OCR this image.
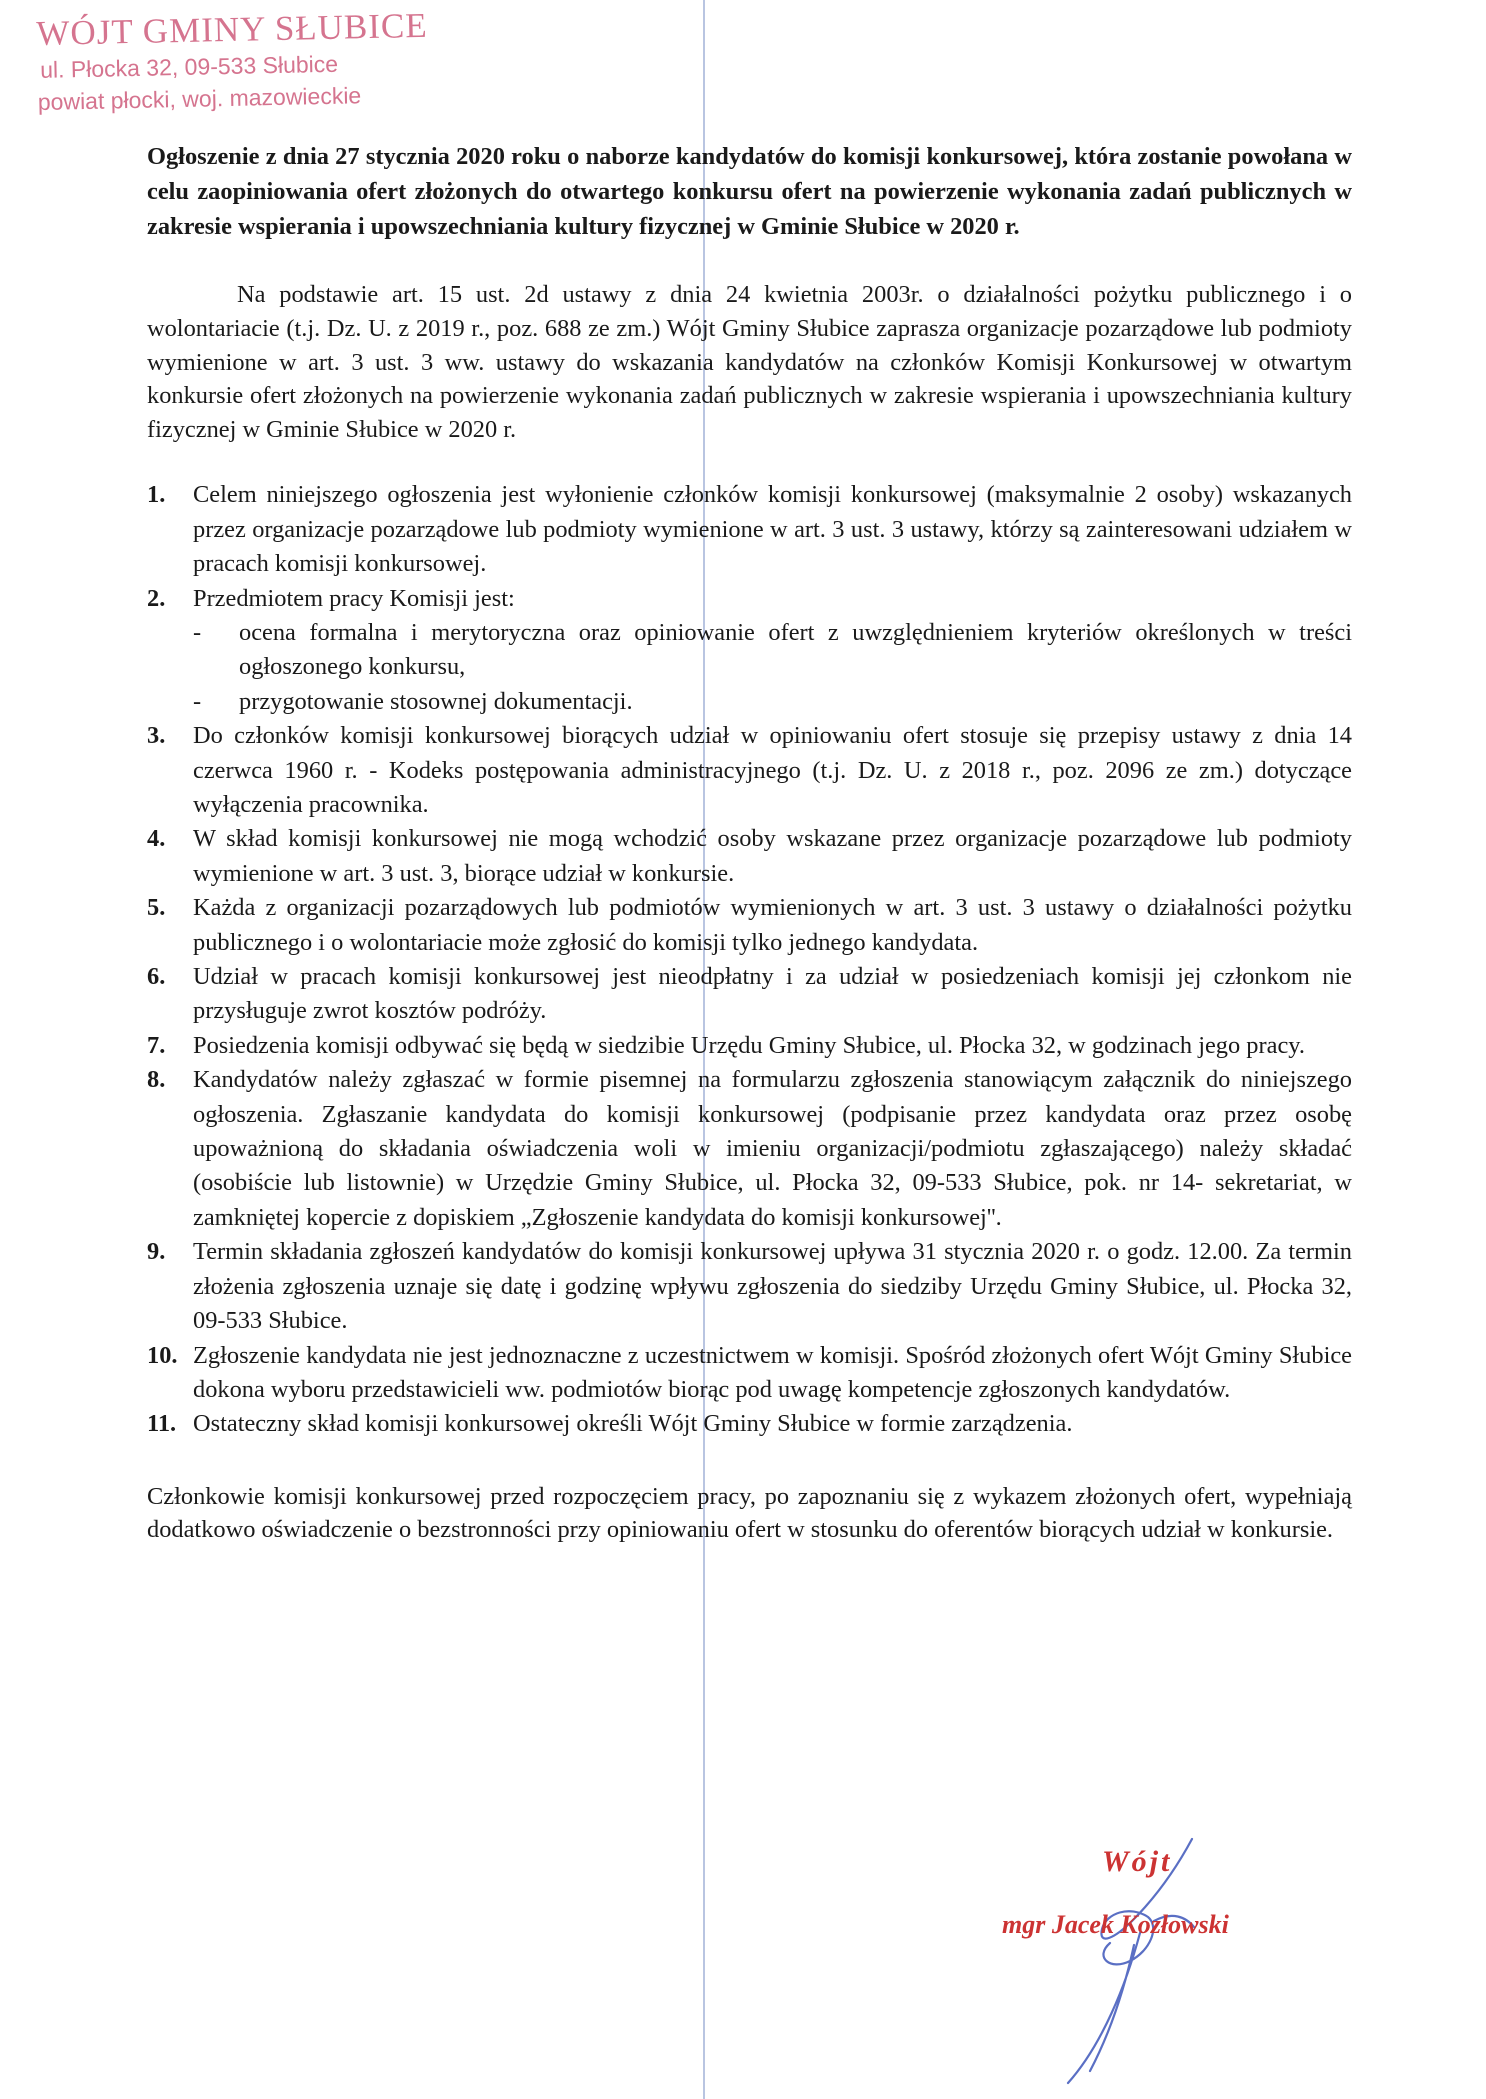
WÓJT GMINY SŁUBICE
ul. Płocka 32, 09-533 Słubice
powiat płocki, woj. mazowieckie

Ogłoszenie z dnia 27 stycznia 2020 roku o naborze kandydatów do komisji konkursowej, która zostanie powołana w celu zaopiniowania ofert złożonych do otwartego konkursu ofert na powierzenie wykonania zadań publicznych w zakresie wspierania i upowszechniania kultury fizycznej w Gminie Słubice w 2020 r.

Na podstawie art. 15 ust. 2d ustawy z dnia 24 kwietnia 2003r. o działalności pożytku publicznego i o wolontariacie (t.j. Dz. U. z 2019 r., poz. 688 ze zm.) Wójt Gminy Słubice zaprasza organizacje pozarządowe lub podmioty wymienione w art. 3 ust. 3 ww. ustawy do wskazania kandydatów na członków Komisji Konkursowej w otwartym konkursie ofert złożonych na powierzenie wykonania zadań publicznych w zakresie wspierania i upowszechniania kultury fizycznej w Gminie Słubice w 2020 r.

1. Celem niniejszego ogłoszenia jest wyłonienie członków komisji konkursowej (maksymalnie 2 osoby) wskazanych przez organizacje pozarządowe lub podmioty wymienione w art. 3 ust. 3 ustawy, którzy są zainteresowani udziałem w pracach komisji konkursowej.
2. Przedmiotem pracy Komisji jest:
- ocena formalna i merytoryczna oraz opiniowanie ofert z uwzględnieniem kryteriów określonych w treści ogłoszonego konkursu,
- przygotowanie stosownej dokumentacji.
3. Do członków komisji konkursowej biorących udział w opiniowaniu ofert stosuje się przepisy ustawy z dnia 14 czerwca 1960 r. - Kodeks postępowania administracyjnego (t.j. Dz. U. z 2018 r., poz. 2096 ze zm.) dotyczące wyłączenia pracownika.
4. W skład komisji konkursowej nie mogą wchodzić osoby wskazane przez organizacje pozarządowe lub podmioty wymienione w art. 3 ust. 3, biorące udział w konkursie.
5. Każda z organizacji pozarządowych lub podmiotów wymienionych w art. 3 ust. 3 ustawy o działalności pożytku publicznego i o wolontariacie może zgłosić do komisji tylko jednego kandydata.
6. Udział w pracach komisji konkursowej jest nieodpłatny i za udział w posiedzeniach komisji jej członkom nie przysługuje zwrot kosztów podróży.
7. Posiedzenia komisji odbywać się będą w siedzibie Urzędu Gminy Słubice, ul. Płocka 32, w godzinach jego pracy.
8. Kandydatów należy zgłaszać w formie pisemnej na formularzu zgłoszenia stanowiącym załącznik do niniejszego ogłoszenia. Zgłaszanie kandydata do komisji konkursowej (podpisanie przez kandydata oraz przez osobę upoważnioną do składania oświadczenia woli w imieniu organizacji/podmiotu zgłaszającego) należy składać (osobiście lub listownie) w Urzędzie Gminy Słubice, ul. Płocka 32, 09-533 Słubice, pok. nr 14- sekretariat, w zamkniętej kopercie z dopiskiem „Zgłoszenie kandydata do komisji konkursowej''.
9. Termin składania zgłoszeń kandydatów do komisji konkursowej upływa 31 stycznia 2020 r. o godz. 12.00. Za termin złożenia zgłoszenia uznaje się datę i godzinę wpływu zgłoszenia do siedziby Urzędu Gminy Słubice, ul. Płocka 32, 09-533 Słubice.
10. Zgłoszenie kandydata nie jest jednoznaczne z uczestnictwem w komisji. Spośród złożonych ofert Wójt Gminy Słubice dokona wyboru przedstawicieli ww. podmiotów biorąc pod uwagę kompetencje zgłoszonych kandydatów.
11. Ostateczny skład komisji konkursowej określi Wójt Gminy Słubice w formie zarządzenia.

Członkowie komisji konkursowej przed rozpoczęciem pracy, po zapoznaniu się z wykazem złożonych ofert, wypełniają dodatkowo oświadczenie o bezstronności przy opiniowaniu ofert w stosunku do oferentów biorących udział w konkursie.

Wójt
mgr Jacek Kozłowski
